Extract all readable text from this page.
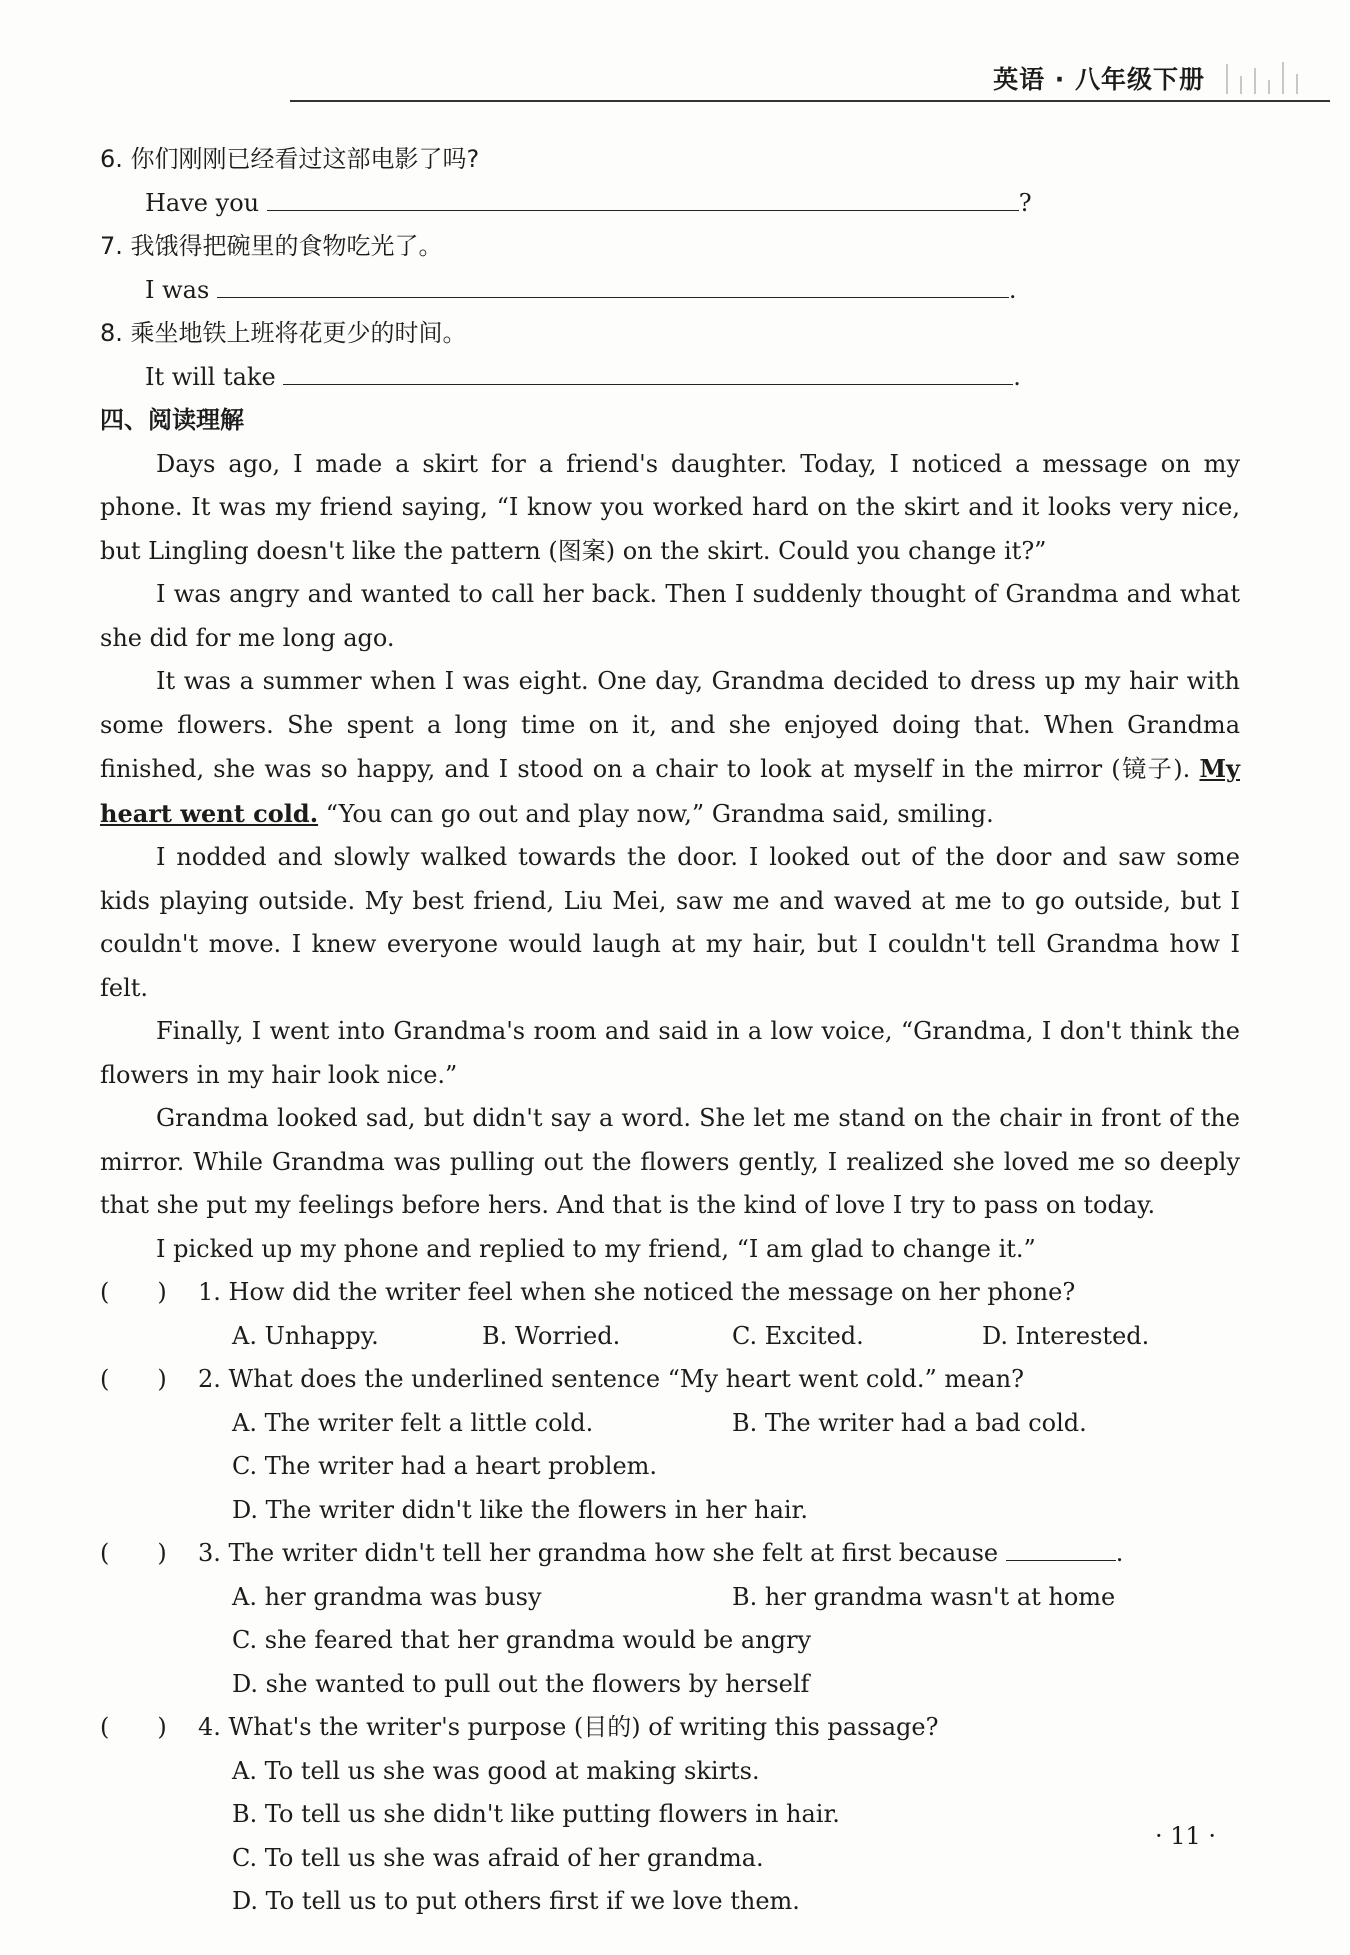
英语 · 八年级下册
6. 你们刚刚已经看过这部电影了吗?
Have you	?
7. 我饿得把碗里的食物吃光了。
I was	.
8. 乘坐地铁上班将花更少的时间。
It will take	.
四、阅读理解
Days ago, I made a skirt for a friend's daughter. Today, I noticed a message on my phone. It was my friend saying, “I know you worked hard on the skirt and it looks very nice, but Lingling doesn't like the pattern (图案) on the skirt. Could you change it?”
I was angry and wanted to call her back. Then I suddenly thought of Grandma and what she did for me long ago.
It was a summer when I was eight. One day, Grandma decided to dress up my hair with some flowers. She spent a long time on it, and she enjoyed doing that. When Grandma finished, she was so happy, and I stood on a chair to look at myself in the mirror (镜子). My heart went cold. “You can go out and play now,” Grandma said, smiling.
I nodded and slowly walked towards the door. I looked out of the door and saw some kids playing outside. My best friend, Liu Mei, saw me and waved at me to go outside, but I couldn't move. I knew everyone would laugh at my hair, but I couldn't tell Grandma how I felt.
Finally, I went into Grandma's room and said in a low voice, “Grandma, I don't think the flowers in my hair look nice.”
Grandma looked sad, but didn't say a word. She let me stand on the chair in front of the mirror. While Grandma was pulling out the flowers gently, I realized she loved me so deeply that she put my feelings before hers. And that is the kind of love I try to pass on today.
I picked up my phone and replied to my friend, “I am glad to change it.”
(　　) 1. How did the writer feel when she noticed the message on her phone?
A. Unhappy.	B. Worried.	C. Excited.	D. Interested.
(　　) 2. What does the underlined sentence “My heart went cold.” mean?
A. The writer felt a little cold.	B. The writer had a bad cold.
C. The writer had a heart problem.
D. The writer didn't like the flowers in her hair.
(　　) 3. The writer didn't tell her grandma how she felt at first because	.
A. her grandma was busy	B. her grandma wasn't at home
C. she feared that her grandma would be angry
D. she wanted to pull out the flowers by herself
(　　) 4. What's the writer's purpose (目的) of writing this passage?
A. To tell us she was good at making skirts.
B. To tell us she didn't like putting flowers in hair.
C. To tell us she was afraid of her grandma.
D. To tell us to put others first if we love them.
· 11 ·
